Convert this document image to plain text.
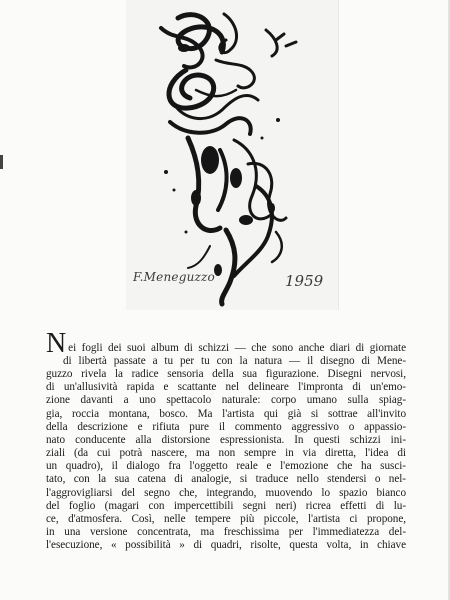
F.Meneguzzo	1959
N ei fogli dei suoi album di schizzi — che sono anche diari di giornate
di libertà passate a tu per tu con la natura — il disegno di Mene-
guzzo rivela la radice sensoria della sua figurazione. Disegni nervosi,
di un'allusività rapida e scattante nel delineare l'impronta di un'emo-
zione davanti a uno spettacolo naturale: corpo umano sulla spiag-
gia, roccia montana, bosco. Ma l'artista qui già si sottrae all'invito
della descrizione e rifiuta pure il commento aggressivo o appassio-
nato conducente alla distorsione espressionista. In questi schizzi ini-
ziali (da cui potrà nascere, ma non sempre in via diretta, l'idea di
un quadro), il dialogo fra l'oggetto reale e l'emozione che ha susci-
tato, con la sua catena di analogie, si traduce nello stendersi o nel-
l'aggrovigliarsi del segno che, integrando, muovendo lo spazio bianco
del foglio (magari con impercettibili segni neri) ricrea effetti di lu-
ce, d'atmosfera. Così, nelle tempere più piccole, l'artista ci propone,
in una versione concentrata, ma freschissima per l'immediatezza del-
l'esecuzione, « possibilità » di quadri, risolte, questa volta, in chiave
